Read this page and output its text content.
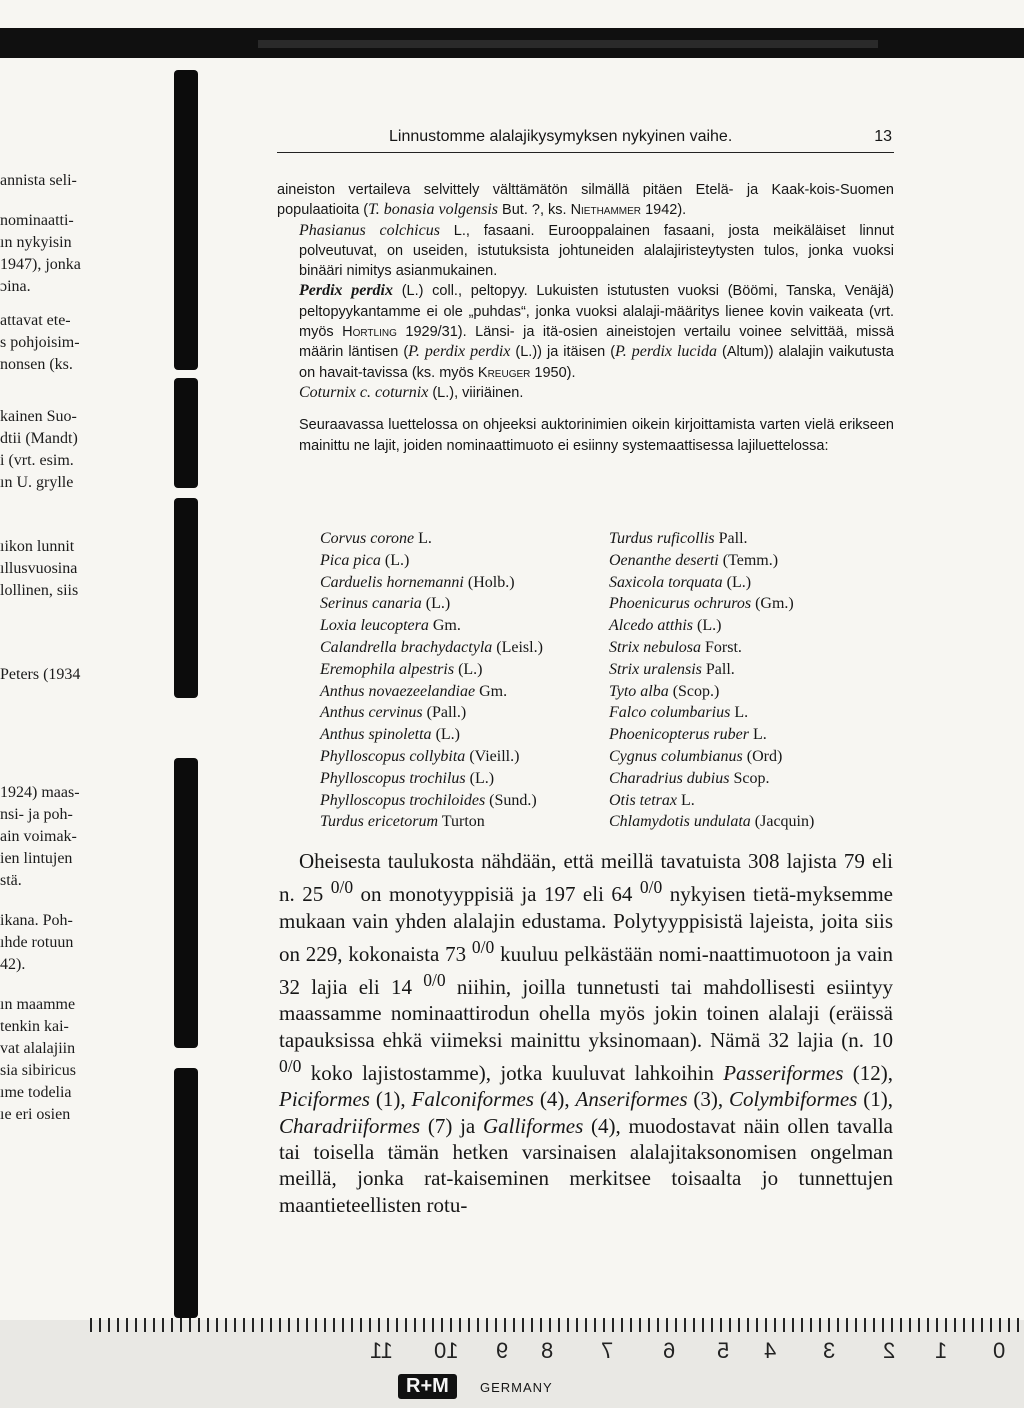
annista seli-
nominaatti-
ın nykyisin
1947), jonka
ɔina.
attavat ete-
s pohjoisim-
nonsen (ks.
kainen Suo-
dtii (Mandt)
i (vrt. esim.
ın U. grylle
ıikon lunnit
ıllusvuosina
lollinen, siis
Peters (1934
1924) maas-
nsi- ja poh-
ain voimak-
ien lintujen
stä.
ikana. Poh-
ıhde rotuun
42).
ın maamme
tenkin kai-
vat alalajiin
sia sibiricus
ıme todelia
ıe eri osien
Linnustomme alalajikysymyksen nykyinen vaihe.	13

aineiston vertaileva selvittely välttämätön silmällä pitäen Etelä- ja Kaak-kois-Suomen populaatioita (T. bonasia volgensis But. ?, ks. Niethammer 1942).

Phasianus colchicus L., fasaani. Eurooppalainen fasaani, josta meikäläiset linnut polveutuvat, on useiden, istutuksista johtuneiden alalajiristeytysten tulos, jonka vuoksi binääri nimitys asianmukainen.

Perdix perdix (L.) coll., peltopyy. Lukuisten istutusten vuoksi (Böömi, Tanska, Venäjä) peltopyykantamme ei ole „puhdas“, jonka vuoksi alalaji-määritys lienee kovin vaikeata (vrt. myös Hortling 1929/31). Länsi- ja itä-osien aineistojen vertailu voinee selvittää, missä määrin läntisen (P. perdix perdix (L.)) ja itäisen (P. perdix lucida (Altum)) alalajin vaikutusta on havait-tavissa (ks. myös Kreuger 1950).

Coturnix c. coturnix (L.), viiriäinen.

Seuraavassa luettelossa on ohjeeksi auktorinimien oikein kirjoittamista varten vielä erikseen mainittu ne lajit, joiden nominaattimuoto ei esiinny systemaattisessa lajiluettelossa:

Corvus corone L.
Pica pica (L.)
Carduelis hornemanni (Holb.)
Serinus canaria (L.)
Loxia leucoptera Gm.
Calandrella brachydactyla (Leisl.)
Eremophila alpestris (L.)
Anthus novaezeelandiae Gm.
Anthus cervinus (Pall.)
Anthus spinoletta (L.)
Phylloscopus collybita (Vieill.)
Phylloscopus trochilus (L.)
Phylloscopus trochiloides (Sund.)
Turdus ericetorum Turton
Turdus ruficollis Pall.
Oenanthe deserti (Temm.)
Saxicola torquata (L.)
Phoenicurus ochruros (Gm.)
Alcedo atthis (L.)
Strix nebulosa Forst.
Strix uralensis Pall.
Tyto alba (Scop.)
Falco columbarius L.
Phoenicopterus ruber L.
Cygnus columbianus (Ord)
Charadrius dubius Scop.
Otis tetrax L.
Chlamydotis undulata (Jacquin)

Oheisesta taulukosta nähdään, että meillä tavatuista 308 lajista 79 eli n. 25 $^{0/0}$ on monotyyppisiä ja 197 eli 64 $^{0/0}$ nykyisen tietä-myksemme mukaan vain yhden alalajin edustama. Polytyyppisistä lajeista, joita siis on 229, kokonaista 73 $^{0/0}$ kuuluu pelkästään nomi-naattimuotoon ja vain 32 lajia eli 14 $^{0/0}$ niihin, joilla tunnetusti tai mahdollisesti esiintyy maassamme nominaattirodun ohella myös jokin toinen alalaji (eräissä tapauksissa ehkä viimeksi mainittu yksinomaan). Nämä 32 lajia (n. 10 $^{0/0}$ koko lajistostamme), jotka kuuluvat lahkoihin Passeriformes (12), Piciformes (1), Falconiformes (4), Anseriformes (3), Colymbiformes (1), Charadriiformes (7) ja Galliformes (4), muodostavat näin ollen tavalla tai toisella tämän hetken varsinaisen alalajitaksonomisen ongelman meillä, jonka rat-kaiseminen merkitsee toisaalta jo tunnettujen maantieteellisten rotu-

11 10 9 8 7 6 5 4 3 2 1 0
R+M	GERMANY
